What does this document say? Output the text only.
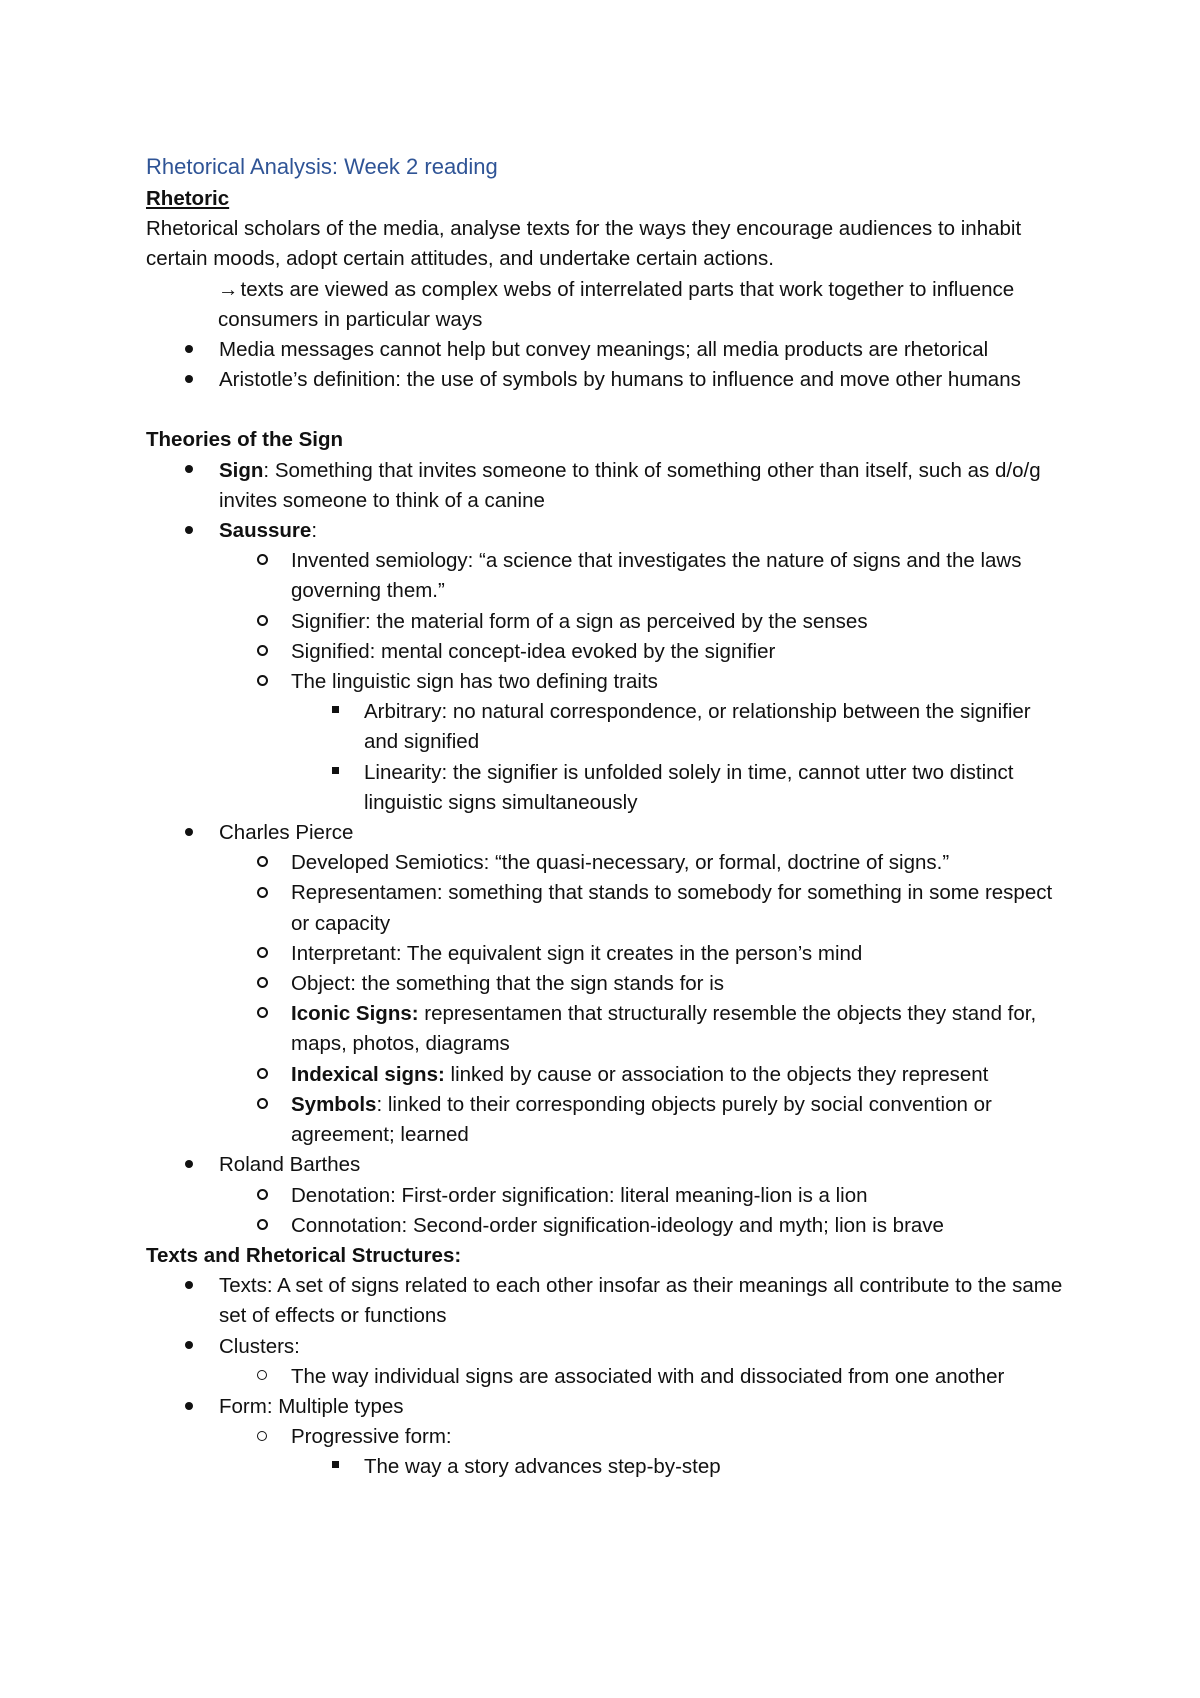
Rhetorical Analysis: Week 2 reading
Rhetoric

Rhetorical scholars of the media, analyse texts for the ways they encourage audiences to inhabit certain moods, adopt certain attitudes, and undertake certain actions.

→texts are viewed as complex webs of interrelated parts that work together to influence consumers in particular ways
Media messages cannot help but convey meanings; all media products are rhetorical
Aristotle’s definition: the use of symbols by humans to influence and move other humans
Theories of the Sign
Sign: Something that invites someone to think of something other than itself, such as d/o/g invites someone to think of a canine
Saussure:
Invented semiology: “a science that investigates the nature of signs and the laws governing them.”
Signifier: the material form of a sign as perceived by the senses
Signified: mental concept-idea evoked by the signifier
The linguistic sign has two defining traits
Arbitrary: no natural correspondence, or relationship between the signifier and signified
Linearity: the signifier is unfolded solely in time, cannot utter two distinct linguistic signs simultaneously
Charles Pierce
Developed Semiotics: “the quasi-necessary, or formal, doctrine of signs.”
Representamen: something that stands to somebody for something in some respect or capacity
Interpretant: The equivalent sign it creates in the person’s mind
Object: the something that the sign stands for is
Iconic Signs: representamen that structurally resemble the objects they stand for, maps, photos, diagrams
Indexical signs: linked by cause or association to the objects they represent
Symbols: linked to their corresponding objects purely by social convention or agreement; learned
Roland Barthes
Denotation: First-order signification: literal meaning-lion is a lion
Connotation: Second-order signification-ideology and myth; lion is brave
Texts and Rhetorical Structures:
Texts: A set of signs related to each other insofar as their meanings all contribute to the same set of effects or functions
Clusters:
The way individual signs are associated with and dissociated from one another
Form: Multiple types
Progressive form:
The way a story advances step-by-step
